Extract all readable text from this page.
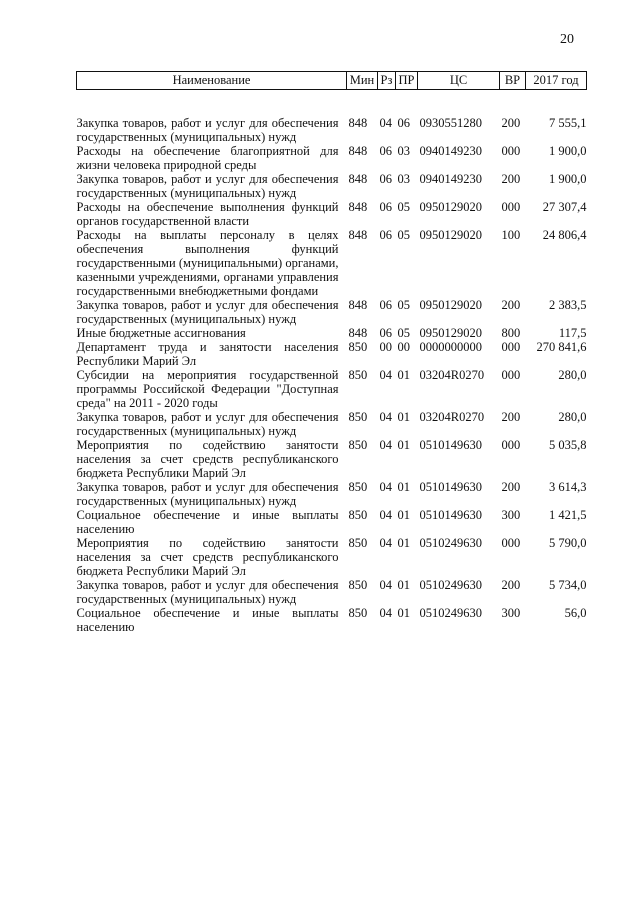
20
Наименование	Мин	Рз	ПР	ЦС	ВР	2017 год
Закупка товаров, работ и услуг для обеспечения государственных (муниципальных) нужд	848	04	06	0930551280	200	7 555,1
Расходы на обеспечение благоприятной для жизни человека природной среды	848	06	03	0940149230	000	1 900,0
Закупка товаров, работ и услуг для обеспечения государственных (муниципальных) нужд	848	06	03	0940149230	200	1 900,0
Расходы на обеспечение выполнения функций органов государственной власти	848	06	05	0950129020	000	27 307,4
Расходы на выплаты персоналу в целях обеспечения выполнения функций государственными (муниципальными) органами, казенными учреждениями, органами управления государственными внебюджетными фондами	848	06	05	0950129020	100	24 806,4
Закупка товаров, работ и услуг для обеспечения государственных (муниципальных) нужд	848	06	05	0950129020	200	2 383,5
Иные бюджетные ассигнования	848	06	05	0950129020	800	117,5
Департамент труда и занятости населения Республики Марий Эл	850	00	00	0000000000	000	270 841,6
Субсидии на мероприятия государственной программы Российской Федерации "Доступная среда" на 2011 - 2020 годы	850	04	01	03204R0270	000	280,0
Закупка товаров, работ и услуг для обеспечения государственных (муниципальных) нужд	850	04	01	03204R0270	200	280,0
Мероприятия по содействию занятости населения за счет средств республиканского бюджета Республики Марий Эл	850	04	01	0510149630	000	5 035,8
Закупка товаров, работ и услуг для обеспечения государственных (муниципальных) нужд	850	04	01	0510149630	200	3 614,3
Социальное обеспечение и иные выплаты населению	850	04	01	0510149630	300	1 421,5
Мероприятия по содействию занятости населения за счет средств республиканского бюджета Республики Марий Эл	850	04	01	0510249630	000	5 790,0
Закупка товаров, работ и услуг для обеспечения государственных (муниципальных) нужд	850	04	01	0510249630	200	5 734,0
Социальное обеспечение и иные выплаты населению	850	04	01	0510249630	300	56,0
